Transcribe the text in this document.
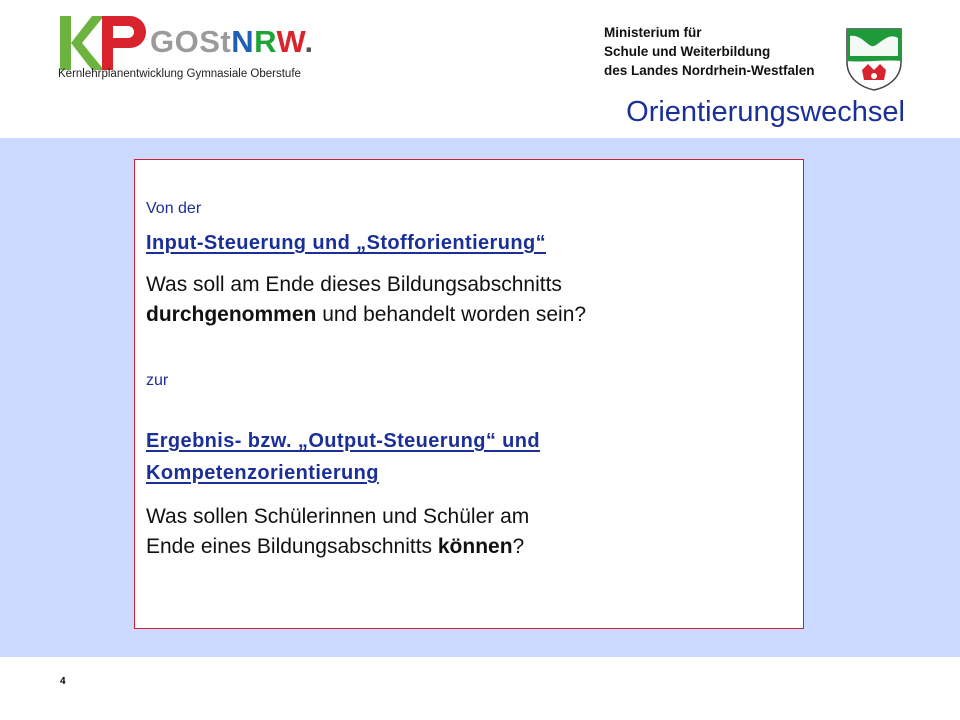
GOStNRW.
Kernlehrplanentwicklung Gymnasiale Oberstufe
Ministerium für
Schule und Weiterbildung
des Landes Nordrhein-Westfalen
Orientierungswechsel
Von der
Input-Steuerung und „Stofforientierung“
Was soll am Ende dieses Bildungsabschnitts
durchgenommen und behandelt worden sein?
zur
Ergebnis- bzw. „Output-Steuerung“ und
Kompetenzorientierung
Was sollen Schülerinnen und Schüler am
Ende eines Bildungsabschnitts können?
4
